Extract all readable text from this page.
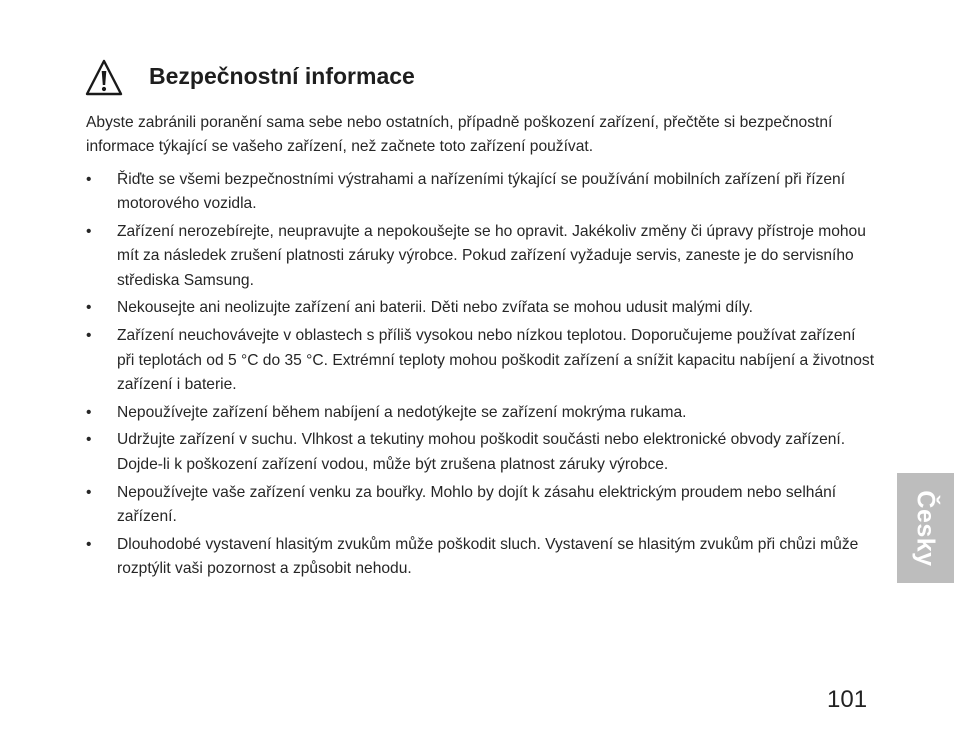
Bezpečnostní informace

Abyste zabránili poranění sama sebe nebo ostatních, případně poškození zařízení, přečtěte si bezpečnostní informace týkající se vašeho zařízení, než začnete toto zařízení používat.

• Řiďte se všemi bezpečnostními výstrahami a nařízeními týkající se používání mobilních zařízení při řízení motorového vozidla.
• Zařízení nerozebírejte, neupravujte a nepokoušejte se ho opravit. Jakékoliv změny či úpravy přístroje mohou mít za následek zrušení platnosti záruky výrobce. Pokud zařízení vyžaduje servis, zaneste je do servisního střediska Samsung.
• Nekousejte ani neolizujte zařízení ani baterii. Děti nebo zvířata se mohou udusit malými díly.
• Zařízení neuchovávejte v oblastech s příliš vysokou nebo nízkou teplotou. Doporučujeme používat zařízení při teplotách od 5 °C do 35 °C. Extrémní teploty mohou poškodit zařízení a snížit kapacitu nabíjení a životnost zařízení i baterie.
• Nepoužívejte zařízení během nabíjení a nedotýkejte se zařízení mokrýma rukama.
• Udržujte zařízení v suchu. Vlhkost a tekutiny mohou poškodit součásti nebo elektronické obvody zařízení. Dojde-li k poškození zařízení vodou, může být zrušena platnost záruky výrobce.
• Nepoužívejte vaše zařízení venku za bouřky. Mohlo by dojít k zásahu elektrickým proudem nebo selhání zařízení.
• Dlouhodobé vystavení hlasitým zvukům může poškodit sluch. Vystavení se hlasitým zvukům při chůzi může rozptýlit vaši pozornost a způsobit nehodu.
Česky
101
